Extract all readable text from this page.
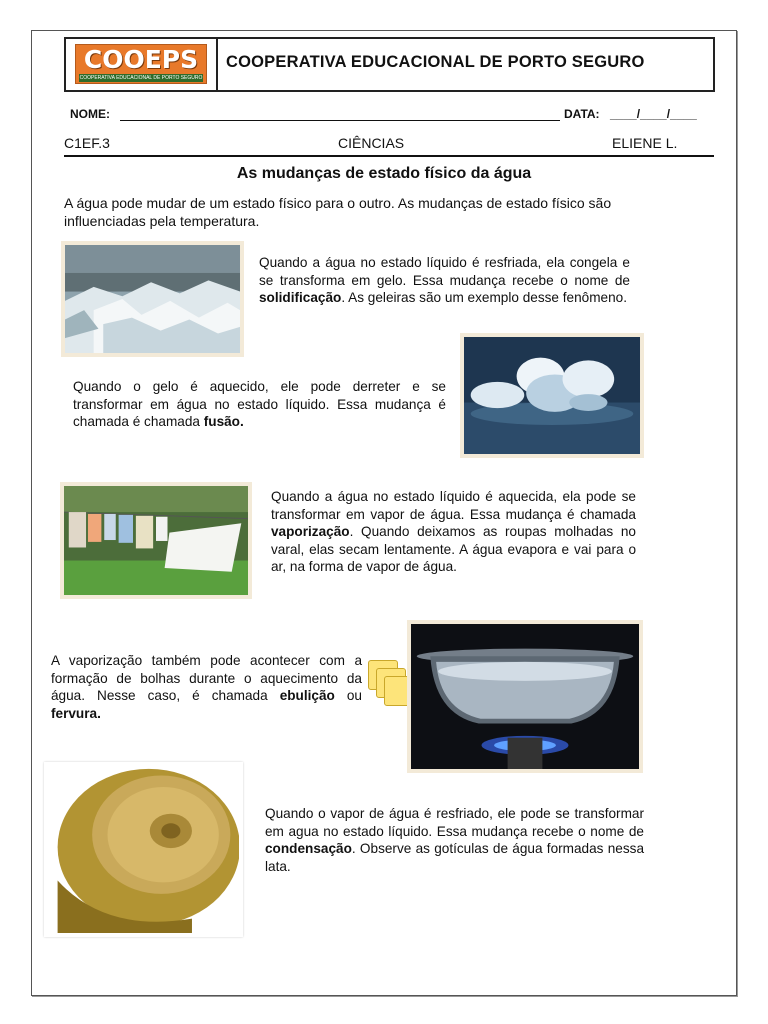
COOEPS
COOPERATIVA EDUCACIONAL DE PORTO SEGURO
COOPERATIVA EDUCACIONAL DE PORTO SEGURO
NOME:	DATA: ____/____/____
C1EF.3	CIÊNCIAS	ELIENE L.
As mudanças de estado físico da água
A água pode mudar de um estado físico para o outro. As mudanças de estado físico são influenciadas pela temperatura.
Quando a água no estado líquido é resfriada, ela congela e se transforma em gelo. Essa mudança recebe o nome de solidificação. As geleiras são um exemplo desse fenômeno.
Quando o gelo é aquecido, ele pode derreter e se transformar em água no estado líquido. Essa mudança é chamada é chamada fusão.
Quando a água no estado líquido é aquecida, ela pode se transformar em vapor de água. Essa mudança é chamada vaporização. Quando deixamos as roupas molhadas no varal, elas secam lentamente. A água evapora e vai para o ar, na forma de vapor de água.
A vaporização também pode acontecer com a formação de bolhas durante o aquecimento da água. Nesse caso, é chamada ebulição ou fervura.
Quando o vapor de água é resfriado, ele pode se transformar em agua no estado líquido. Essa mudança recebe o nome de condensação. Observe as gotículas de água formadas nessa lata.
